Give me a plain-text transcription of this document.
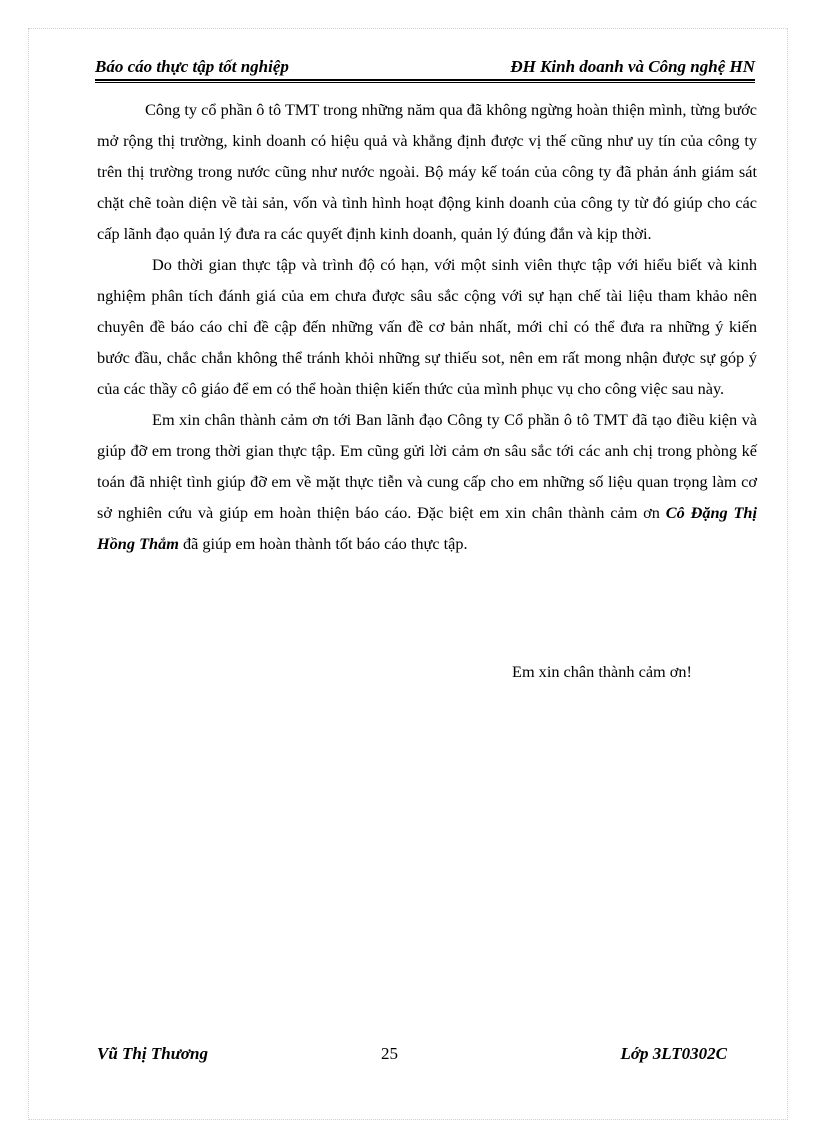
Báo cáo thực tập tốt nghiệp	ĐH Kinh doanh và Công nghệ HN

Công ty cổ phần ô tô TMT trong những năm qua đã không ngừng hoàn thiện mình, từng bước mở rộng thị trường, kinh doanh có hiệu quả và khẳng định được vị thế cũng như uy tín của công ty trên thị trường trong nước cũng như nước ngoài. Bộ máy kế toán của công ty đã phản ánh giám sát chặt chẽ toàn diện về tài sản, vốn và tình hình hoạt động kinh doanh của công ty từ đó giúp cho các cấp lãnh đạo quản lý đưa ra các quyết định kinh doanh, quản lý đúng đắn và kịp thời.

Do thời gian thực tập và trình độ có hạn, với một sinh viên thực tập với hiểu biết và kinh nghiệm phân tích đánh giá của em chưa được sâu sắc cộng với sự hạn chế tài liệu tham khảo nên chuyên đề báo cáo chỉ đề cập đến những vấn đề cơ bản nhất, mới chỉ có thể đưa ra những ý kiến bước đầu, chắc chắn không thể tránh khỏi những sự thiếu sot, nên em rất mong nhận được sự góp ý của các thầy cô giáo để em có thể hoàn thiện kiến thức của mình phục vụ cho công việc sau này.

Em xin chân thành cảm ơn tới Ban lãnh đạo Công ty Cổ phần ô tô TMT đã tạo điều kiện và giúp đỡ em trong thời gian thực tập. Em cũng gửi lời cảm ơn sâu sắc tới các anh chị trong phòng kế toán đã nhiệt tình giúp đỡ em về mặt thực tiễn và cung cấp cho em những số liệu quan trọng làm cơ sở nghiên cứu và giúp em hoàn thiện báo cáo. Đặc biệt em xin chân thành cảm ơn Cô Đặng Thị Hồng Thắm đã giúp em hoàn thành tốt báo cáo thực tập.

Em xin chân thành cảm ơn!
Vũ Thị Thương	25	Lớp 3LT0302C
